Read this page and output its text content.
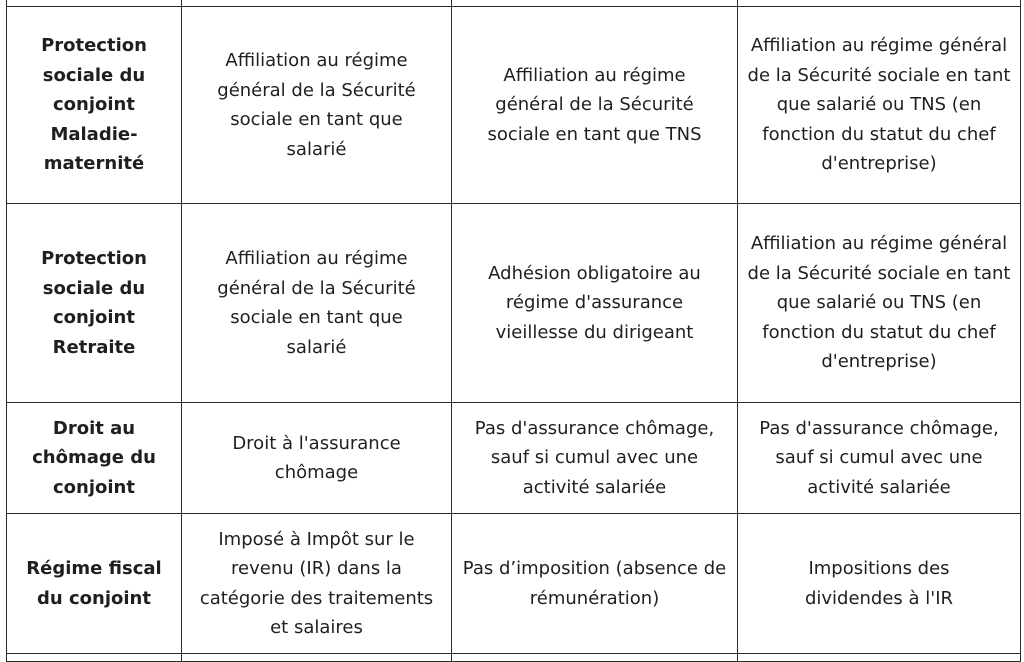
Protection sociale du conjoint Maladie-maternité	Affiliation au régime général de la Sécurité sociale en tant que salarié	Affiliation au régime général de la Sécurité sociale en tant que TNS	Affiliation au régime général de la Sécurité sociale en tant que salarié ou TNS (en fonction du statut du chef d'entreprise)

Protection sociale du conjoint Retraite	Affiliation au régime général de la Sécurité sociale en tant que salarié	Adhésion obligatoire au régime d'assurance vieillesse du dirigeant	Affiliation au régime général de la Sécurité sociale en tant que salarié ou TNS (en fonction du statut du chef d'entreprise)

Droit au chômage du conjoint	Droit à l'assurance chômage	Pas d'assurance chômage, sauf si cumul avec une activité salariée	Pas d'assurance chômage, sauf si cumul avec une activité salariée

Régime fiscal du conjoint	Imposé à Impôt sur le revenu (IR) dans la catégorie des traitements et salaires	Pas d’imposition (absence de rémunération)	Impositions des dividendes à l'IR
